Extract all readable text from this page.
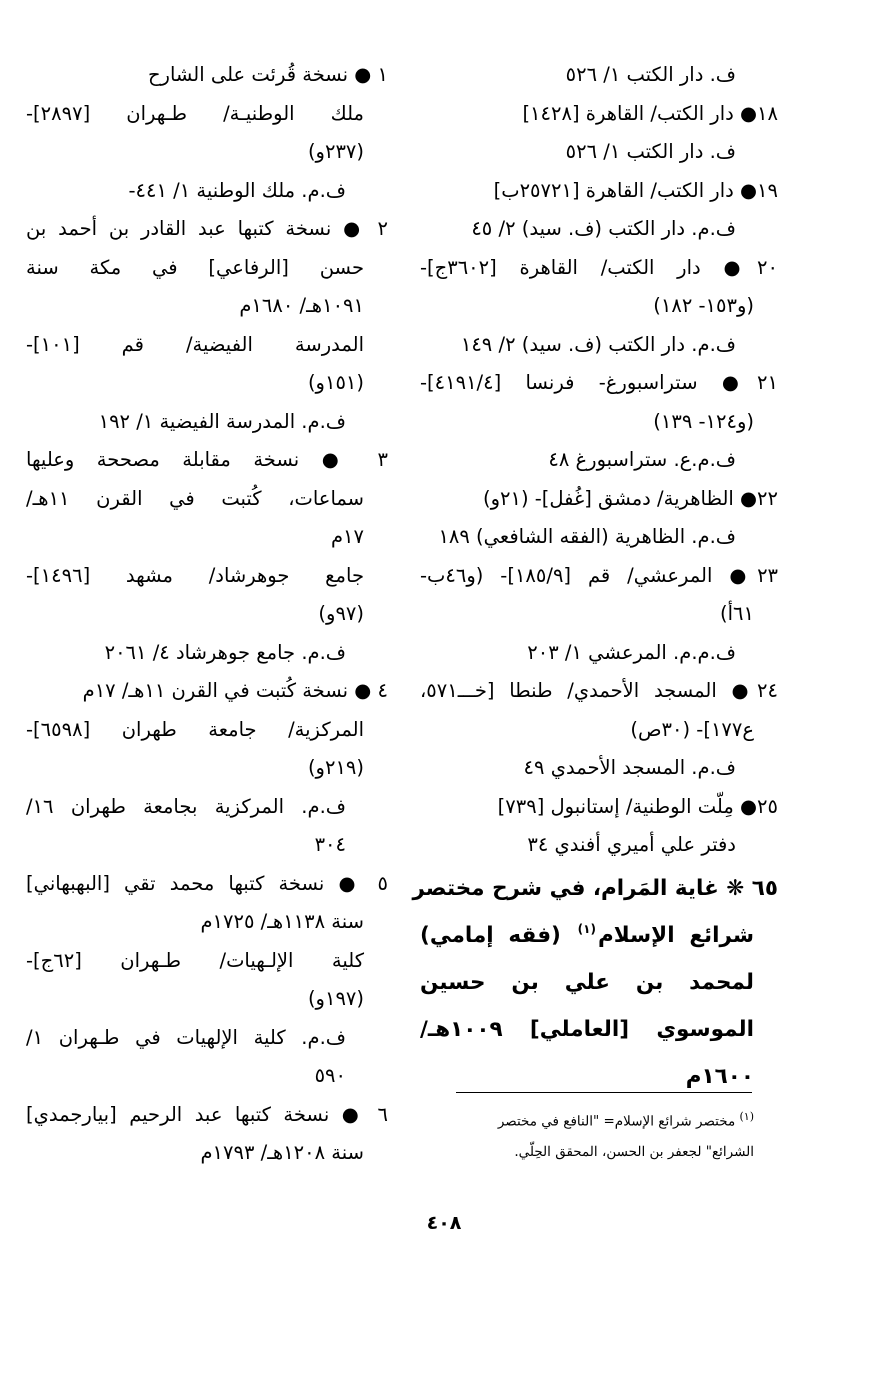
ف. دار الكتب ١/ ٥٢٦
١٨● دار الكتب/ القاهرة [١٤٢٨]
ف. دار الكتب ١/ ٥٢٦
١٩● دار الكتب/ القاهرة [٢٥٧٢١ب]
ف.م. دار الكتب (ف. سيد) ٢/ ٤٥
٢٠● دار الكتب/ القاهرة [٣٦٠٢ج]-
(و١٥٣- ١٨٢)
ف.م. دار الكتب (ف. سيد) ٢/ ١٤٩
٢١● ستراسبورغ- فرنسا [٤١٩١/٤]-
(و١٢٤- ١٣٩)
ف.م.ع. ستراسبورغ ٤٨
٢٢● الظاهرية/ دمشق [غُفل]- (٢١و)
ف.م. الظاهرية (الفقه الشافعي) ١٨٩
٢٣● المرعشي/ قم [١٨٥/٩]- (و٤٦ب-
٦١أ)
ف.م.م. المرعشي ١/ ٢٠٣
٢٤● المسجد الأحمدي/ طنطا [خـــ٥٧١،
ع١٧٧]- (٣٠ص)
ف.م. المسجد الأحمدي ٤٩
٢٥● مِلّت الوطنية/ إستانبول [٧٣٩]
دفتر علي أميري أفندي ٣٤
٦٥ ❋ غاية المَرام، في شرح مختصر
شرائع الإسلام$^{(١)}$ (فقه إمامي)
لمحمد بن علي بن حسين
الموسوي [العاملي] ١٠٠٩هـ/
١٦٠٠م
١ ● نسخة قُرئت على الشارح
ملك الوطنيـة/ طـهران [٢٨٩٧]-
(٢٣٧و)
ف.م. ملك الوطنية ١/ ٤٤١-
٢ ● نسخة كتبها عبد القادر بن أحمد بن
حسن [الرفاعي] في مكة سنة
١٠٩١هـ/ ١٦٨٠م
المدرسة الفيضية/ قم [١٠١]-
(١٥١و)
ف.م. المدرسة الفيضية ١/ ١٩٢
٣ ● نسخة مقابلة مصححة وعليها
سماعات، كُتبت في القرن ١١هـ/
١٧م
جامع جوهرشاد/ مشهد [١٤٩٦]-
(٩٧و)
ف.م. جامع جوهرشاد ٤/ ٢٠٦١
٤ ● نسخة كُتبت في القرن ١١هـ/ ١٧م
المركزية/ جامعة طهران [٦٥٩٨]-
(٢١٩و)
ف.م. المركزية بجامعة طهران ١٦/
٣٠٤
٥ ● نسخة كتبها محمد تقي [البهبهاني]
سنة ١١٣٨هـ/ ١٧٢٥م
كلية الإلـهيات/ طـهران [٦٢ج]-
(١٩٧و)
ف.م. كلية الإلهيات في طـهران ١/
٥٩٠
٦ ● نسخة كتبها عبد الرحيم [بيارجمدي]
سنة ١٢٠٨هـ/ ١٧٩٣م
$^{(١)}$ مختصر شرائع الإسلام= "النافع في مختصر
الشرائع" لجعفر بن الحسن، المحقق الحِلّي.
٤٠٨
